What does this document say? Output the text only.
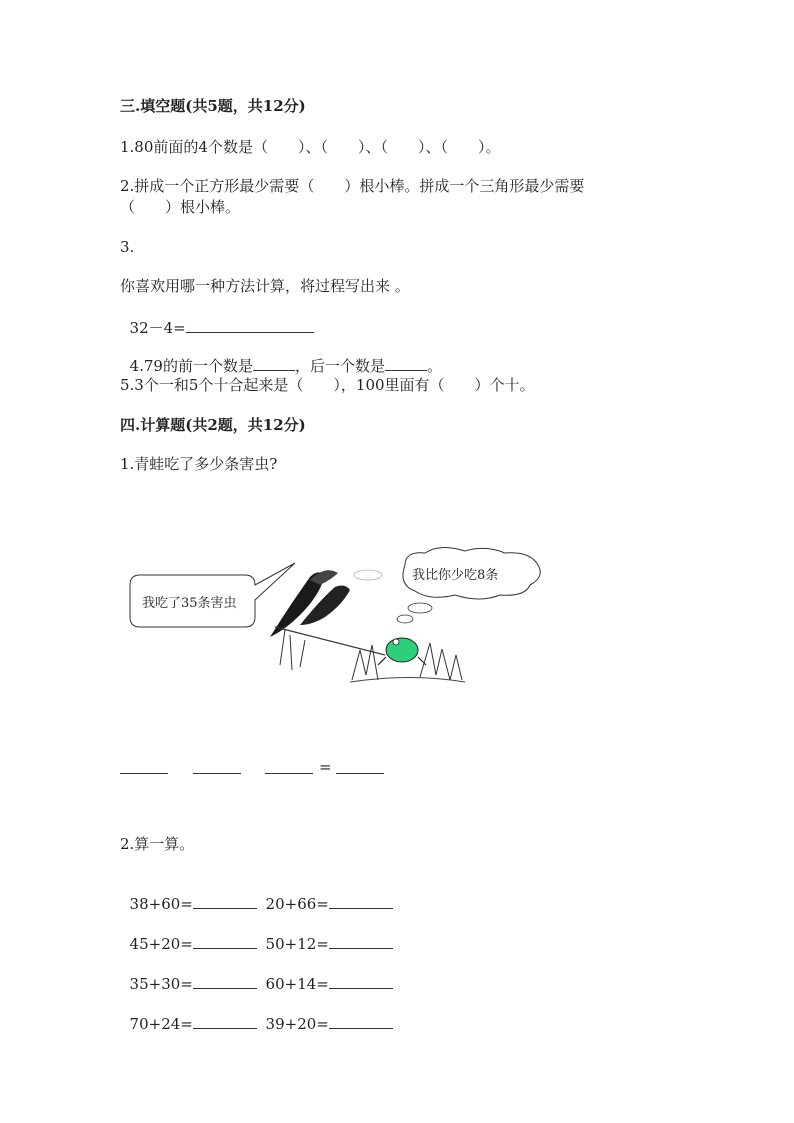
三.填空题(共5题，共12分)
1.80前面的4个数是（　　）、（　　）、（　　）、（　　）。
2.拼成一个正方形最少需要（　　）根小棒。拼成一个三角形最少需要
（　　）根小棒。
3.
你喜欢用哪一种方法计算，将过程写出来 。

32－4=

4.79的前一个数是	，后一个数是	。

5.3个一和5个十合起来是（　　），100里面有（　　）个十。
四.计算题(共2题，共12分)
1.青蛙吃了多少条害虫?
我吃了35条害虫
我比你少吃8条
=
2.算一算。

38+60=	20+66=

45+20=	50+12=

35+30=	60+14=

70+24=	39+20=
